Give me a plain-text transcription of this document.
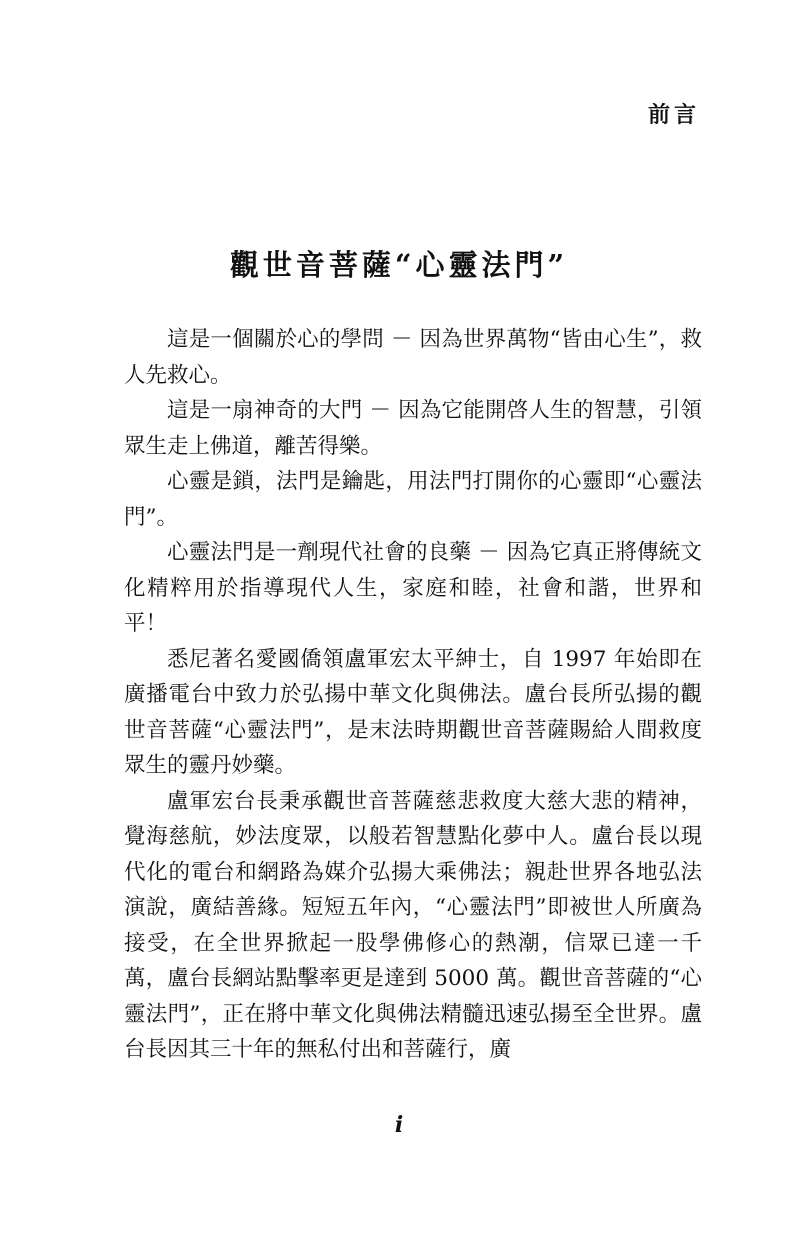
前言
觀世音菩薩“心靈法門”

這是一個關於心的學問 － 因為世界萬物“皆由心生”，救人先救心。

這是一扇神奇的大門 － 因為它能開啓人生的智慧，引領眾生走上佛道，離苦得樂。

心靈是鎖，法門是鑰匙，用法門打開你的心靈即“心靈法門”。

心靈法門是一劑現代社會的良藥 － 因為它真正將傳統文化精粹用於指導現代人生，家庭和睦，社會和諧，世界和平！

悉尼著名愛國僑領盧軍宏太平紳士，自 1997 年始即在廣播電台中致力於弘揚中華文化與佛法。盧台長所弘揚的觀世音菩薩“心靈法門”，是末法時期觀世音菩薩賜給人間救度眾生的靈丹妙藥。

盧軍宏台長秉承觀世音菩薩慈悲救度大慈大悲的精神，覺海慈航，妙法度眾，以般若智慧點化夢中人。盧台長以現代化的電台和網路為媒介弘揚大乘佛法；親赴世界各地弘法演說，廣結善緣。短短五年內，“心靈法門”即被世人所廣為接受，在全世界掀起一股學佛修心的熱潮，信眾已達一千萬，盧台長網站點擊率更是達到 5000 萬。觀世音菩薩的“心靈法門”，正在將中華文化與佛法精髓迅速弘揚至全世界。盧台長因其三十年的無私付出和菩薩行，廣

i
